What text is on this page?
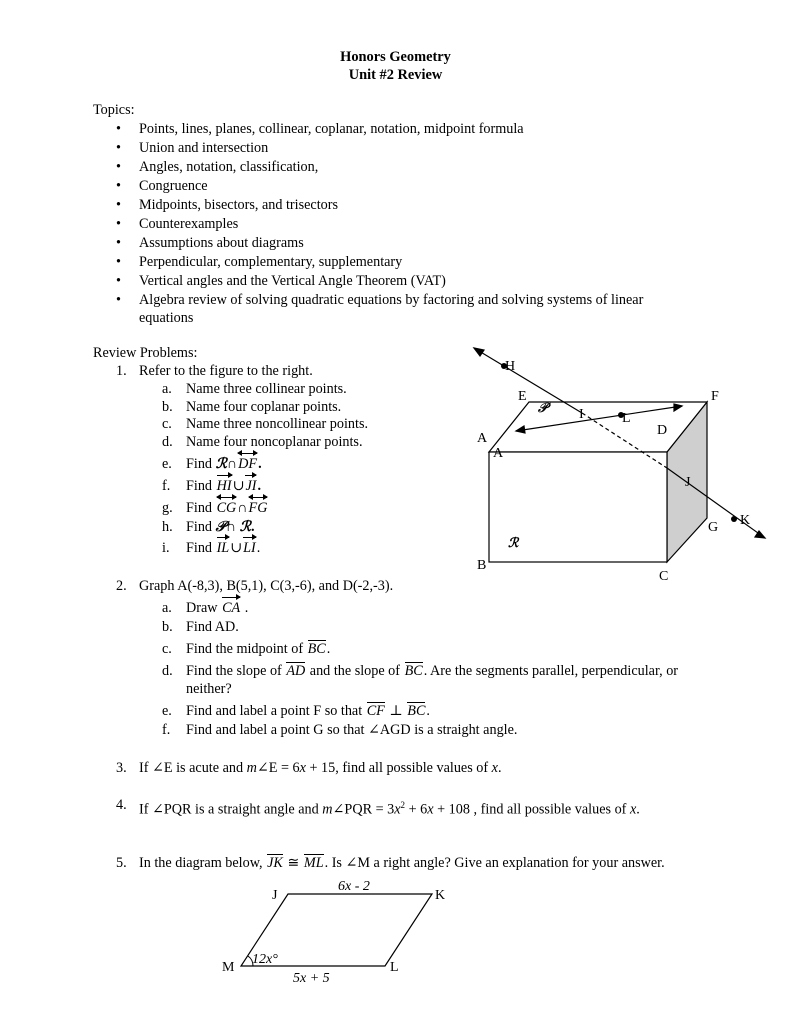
Honors Geometry
Unit #2 Review
Topics:
• Points, lines, planes, collinear, coplanar, notation, midpoint formula
• Union and intersection
• Angles, notation, classification,
• Congruence
• Midpoints, bisectors, and trisectors
• Counterexamples
• Assumptions about diagrams
• Perpendicular, complementary, supplementary
• Vertical angles and the Vertical Angle Theorem (VAT)
• Algebra review of solving quadratic equations by factoring and solving systems of linear
equations
Review Problems:
1. Refer to the figure to the right.
a. Name three collinear points.
b. Name four coplanar points.
c. Name three noncollinear points.
d. Name four noncoplanar points.
e. Find ℛ∩
DF.
f. Find HI∪JI.
g. Find CG∩
FG
h. Find 𝒫∩ ℛ.
i. Find IL∪LI.
H
E
𝒫 I	L
F
A
D
A
J
K
G
ℛ
B
C
2. Graph A(-8,3), B(5,1), C(3,-6), and D(-2,-3).
a. Draw CA .
b. Find AD.
c. Find the midpoint of BC.
d. Find the slope of AD and the slope of BC. Are the segments parallel, perpendicular, or
neither?
e. Find and label a point F so that CF ⊥ BC.
f. Find and label a point G so that ∠AGD is a straight angle.
3. If ∠E is acute and m∠E = 6x + 15, find all possible values of x.
4. If ∠PQR is a straight angle and m∠PQR = $3x^2 + 6x + 108$ , find all possible values of x.
5. In the diagram below, JK ≅ ML. Is ∠M a right angle? Give an explanation for your answer.
J	K
M	L
6x - 2
5x + 5
12x°
